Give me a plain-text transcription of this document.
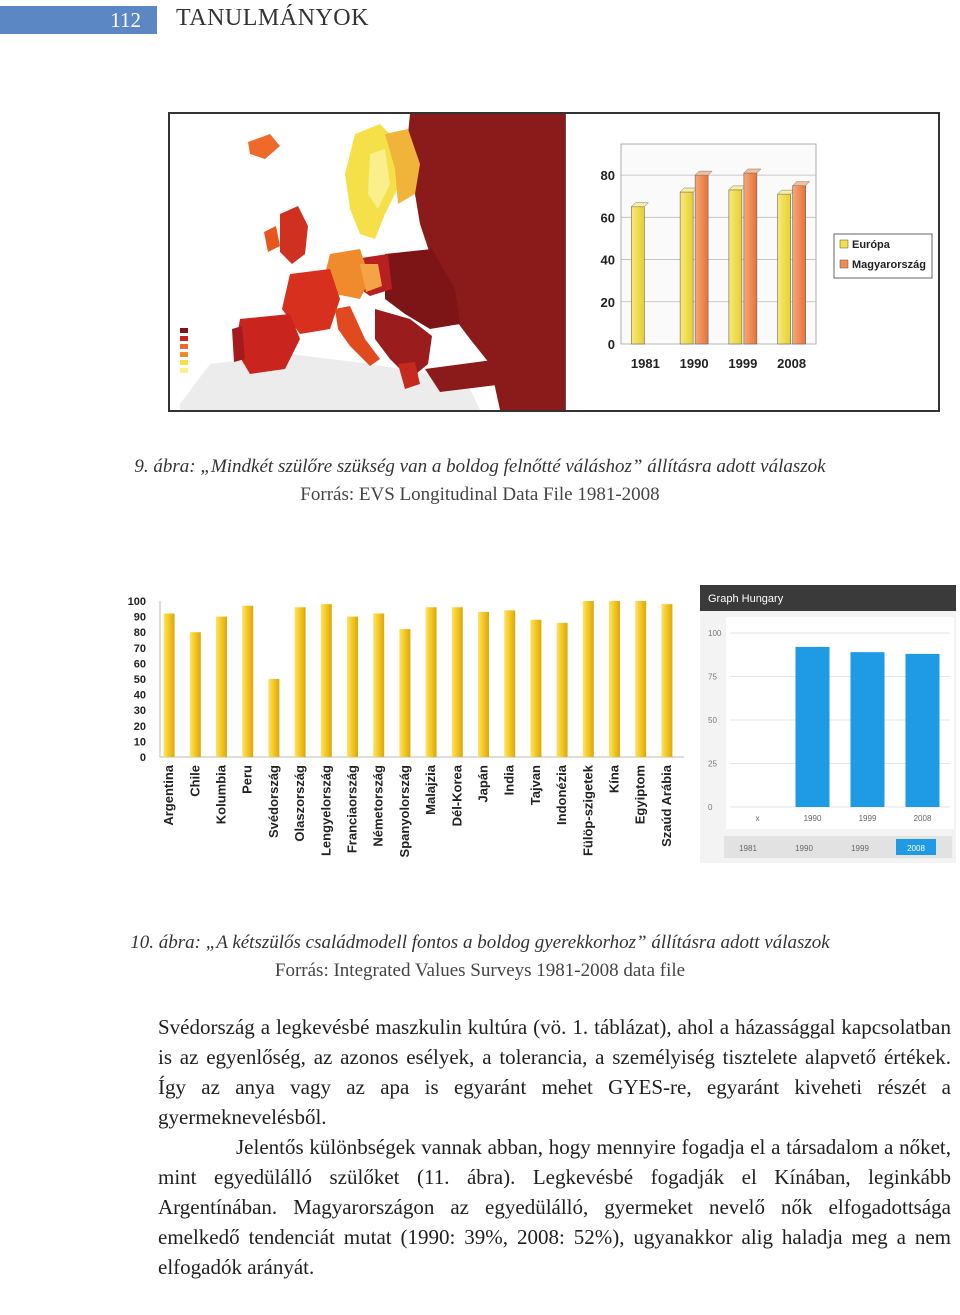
112	TANULMÁNYOK
0
20
40
60
80
1981 1990 1999 2008
Európa
Magyarország
9. ábra: „Mindkét szülőre szükség van a boldog felnőtté váláshoz” állításra adott válaszok
Forrás: EVS Longitudinal Data File 1981-2008
100
90
80
70
60
50
40
30
20
10
0
Argentina Chile Kolumbia Peru Svédország Olaszország Lengyelország Franciaország Németország Spanyolország Malajzia Dél-Korea Japán India Tajvan Indonézia Fülöp-szigetek Kína Egyiptom Szaúd Arábia
Graph Hungary
100
75
50
25
0
x	1990	1999	2008
1981	1990	1999	2008
10. ábra: „A kétszülős családmodell fontos a boldog gyerekkorhoz” állításra adott válaszok
Forrás: Integrated Values Surveys 1981-2008 data file

Svédország a legkevésbé maszkulin kultúra (vö. 1. táblázat), ahol a házassággal kapcsolatban is az egyenlőség, az azonos esélyek, a tolerancia, a személyiség tisztelete alapvető értékek. Így az anya vagy az apa is egyaránt mehet GYES-re, egyaránt kiveheti részét a gyermeknevelésből.

Jelentős különbségek vannak abban, hogy mennyire fogadja el a társadalom a nőket, mint egyedülálló szülőket (11. ábra). Legkevésbé fogadják el Kínában, leginkább Argentínában. Magyarországon az egyedülálló, gyermeket nevelő nők elfogadottsága emelkedő tendenciát mutat (1990: 39%, 2008: 52%), ugyanakkor alig haladja meg a nem elfogadók arányát.
